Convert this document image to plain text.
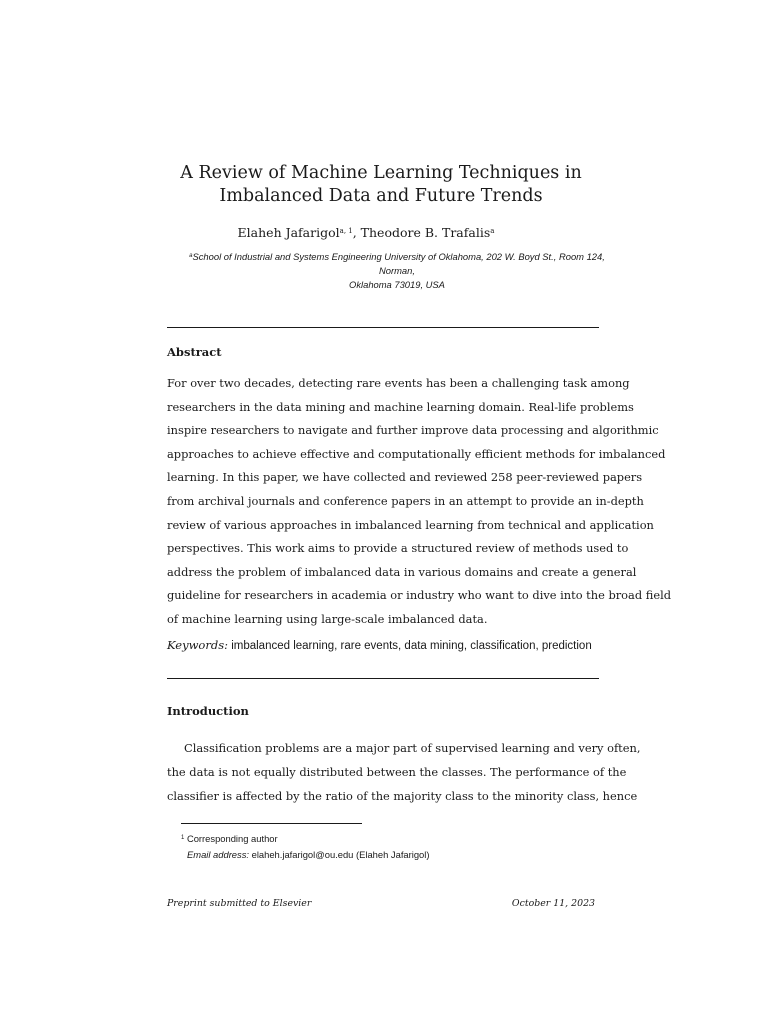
A Review of Machine Learning Techniques in
Imbalanced Data and Future Trends
Elaheh Jafarigol$^{a, 1}$, Theodore B. Trafalis$^a$
$^a$School of Industrial and Systems Engineering University of Oklahoma, 202 W. Boyd St., Room 124, Norman,
Oklahoma 73019, USA
Abstract
For over two decades, detecting rare events has been a challenging task among
researchers in the data mining and machine learning domain. Real-life problems
inspire researchers to navigate and further improve data processing and algorithmic
approaches to achieve effective and computationally efficient methods for imbalanced
learning. In this paper, we have collected and reviewed 258 peer-reviewed papers
from archival journals and conference papers in an attempt to provide an in-depth
review of various approaches in imbalanced learning from technical and application
perspectives. This work aims to provide a structured review of methods used to
address the problem of imbalanced data in various domains and create a general
guideline for researchers in academia or industry who want to dive into the broad field
of machine learning using large-scale imbalanced data.
Keywords: imbalanced learning, rare events, data mining, classification, prediction
Introduction
Classification problems are a major part of supervised learning and very often,
the data is not equally distributed between the classes. The performance of the
classifier is affected by the ratio of the majority class to the minority class, hence
$^1$ Corresponding author
Email address: elaheh.jafarigol@ou.edu (Elaheh Jafarigol)
Preprint submitted to Elsevier	October 11, 2023
